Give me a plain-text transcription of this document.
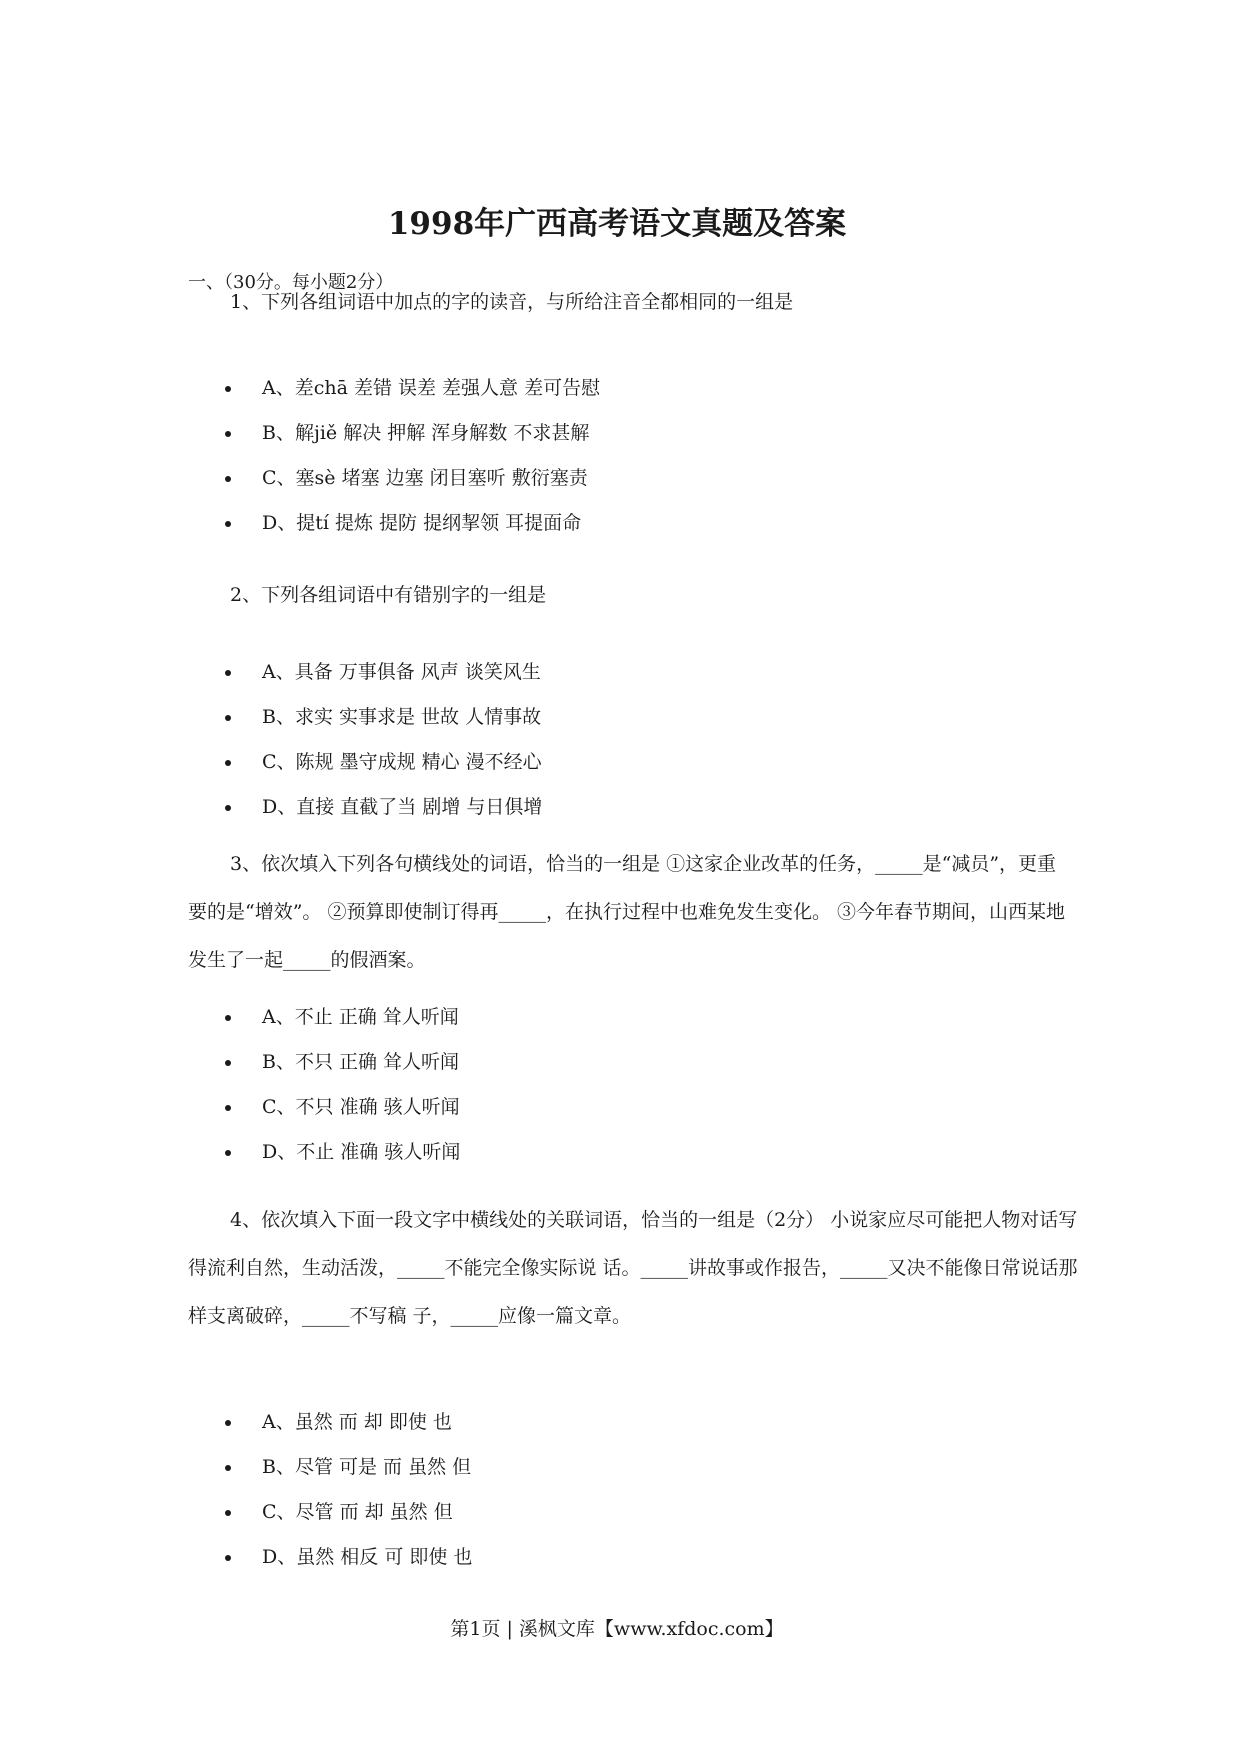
1998年广西高考语文真题及答案
一、（30分。每小题2分）
1、下列各组词语中加点的字的读音，与所给注音全都相同的一组是
A、差chā 差错 误差 差强人意 差可告慰
B、解jiě 解决 押解 浑身解数 不求甚解
C、塞sè 堵塞 边塞 闭目塞听 敷衍塞责
D、提tí 提炼 提防 提纲挈领 耳提面命
2、下列各组词语中有错别字的一组是
A、具备 万事俱备 风声 谈笑风生
B、求实 实事求是 世故 人情事故
C、陈规 墨守成规 精心 漫不经心
D、直接 直截了当 剧增 与日俱增
3、依次填入下列各句横线处的词语，恰当的一组是 ①这家企业改革的任务，_____是“减员”，更重要的是“增效”。 ②预算即使制订得再_____，在执行过程中也难免发生变化。 ③今年春节期间，山西某地发生了一起_____的假酒案。
A、不止 正确 耸人听闻
B、不只 正确 耸人听闻
C、不只 准确 骇人听闻
D、不止 准确 骇人听闻
4、依次填入下面一段文字中横线处的关联词语，恰当的一组是（2分） 小说家应尽可能把人物对话写得流利自然，生动活泼，_____不能完全像实际说 话。_____讲故事或作报告，_____又决不能像日常说话那样支离破碎，_____不写稿 子，_____应像一篇文章。
A、虽然 而 却 即使 也
B、尽管 可是 而 虽然 但
C、尽管 而 却 虽然 但
D、虽然 相反 可 即使 也
第1页 | 溪枫文库【www.xfdoc.com】
